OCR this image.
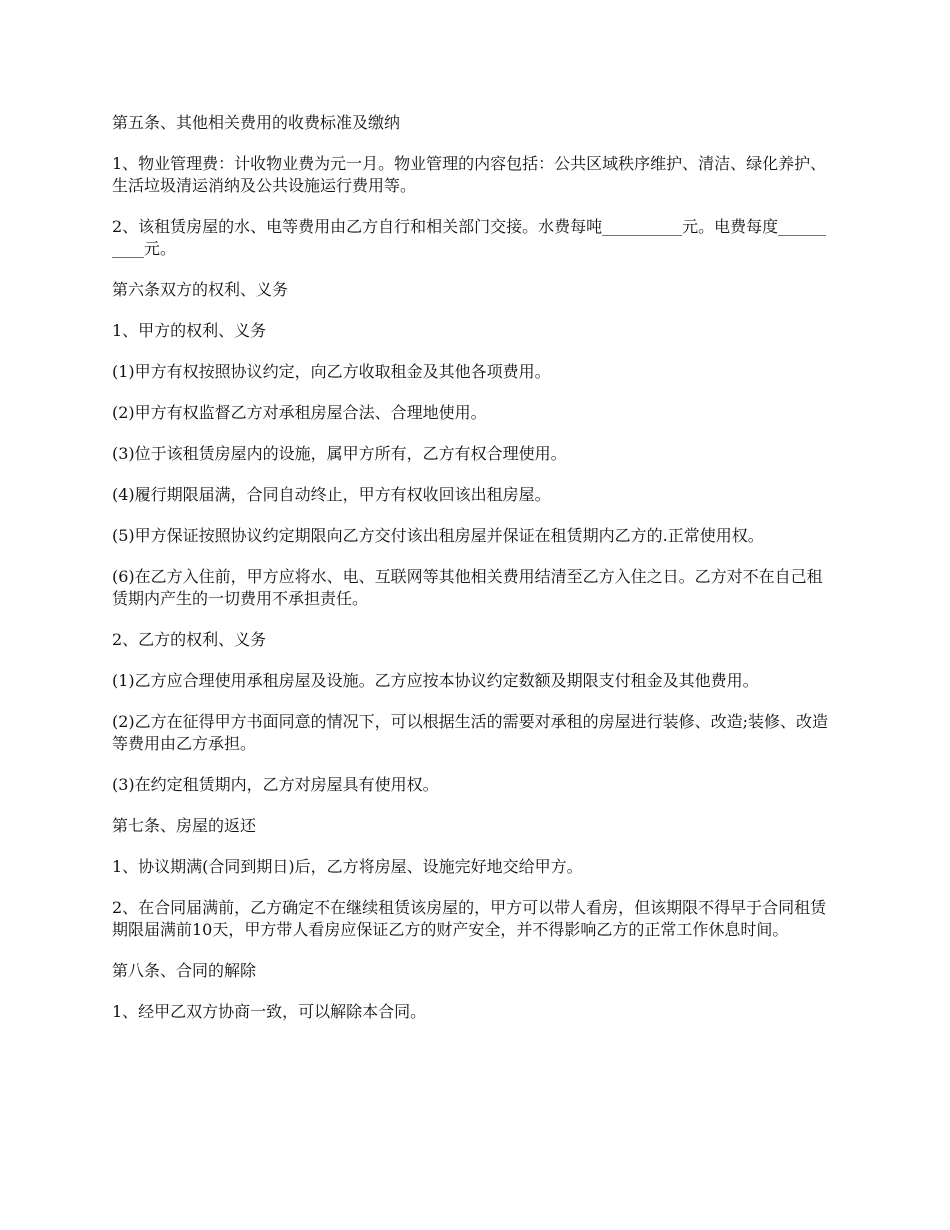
第五条、其他相关费用的收费标准及缴纳

1、物业管理费：计收物业费为元一月。物业管理的内容包括：公共区域秩序维护、清洁、绿化养护、生活垃圾清运消纳及公共设施运行费用等。

2、该租赁房屋的水、电等费用由乙方自行和相关部门交接。水费每吨__________元。电费每度__________元。

第六条双方的权利、义务

1、甲方的权利、义务

(1)甲方有权按照协议约定，向乙方收取租金及其他各项费用。

(2)甲方有权监督乙方对承租房屋合法、合理地使用。

(3)位于该租赁房屋内的设施，属甲方所有，乙方有权合理使用。

(4)履行期限届满，合同自动终止，甲方有权收回该出租房屋。

(5)甲方保证按照协议约定期限向乙方交付该出租房屋并保证在租赁期内乙方的.正常使用权。

(6)在乙方入住前，甲方应将水、电、互联网等其他相关费用结清至乙方入住之日。乙方对不在自己租赁期内产生的一切费用不承担责任。

2、乙方的权利、义务

(1)乙方应合理使用承租房屋及设施。乙方应按本协议约定数额及期限支付租金及其他费用。

(2)乙方在征得甲方书面同意的情况下，可以根据生活的需要对承租的房屋进行装修、改造;装修、改造等费用由乙方承担。

(3)在约定租赁期内，乙方对房屋具有使用权。

第七条、房屋的返还

1、协议期满(合同到期日)后，乙方将房屋、设施完好地交给甲方。

2、在合同届满前，乙方确定不在继续租赁该房屋的，甲方可以带人看房，但该期限不得早于合同租赁期限届满前10天，甲方带人看房应保证乙方的财产安全，并不得影响乙方的正常工作休息时间。

第八条、合同的解除

1、经甲乙双方协商一致，可以解除本合同。
